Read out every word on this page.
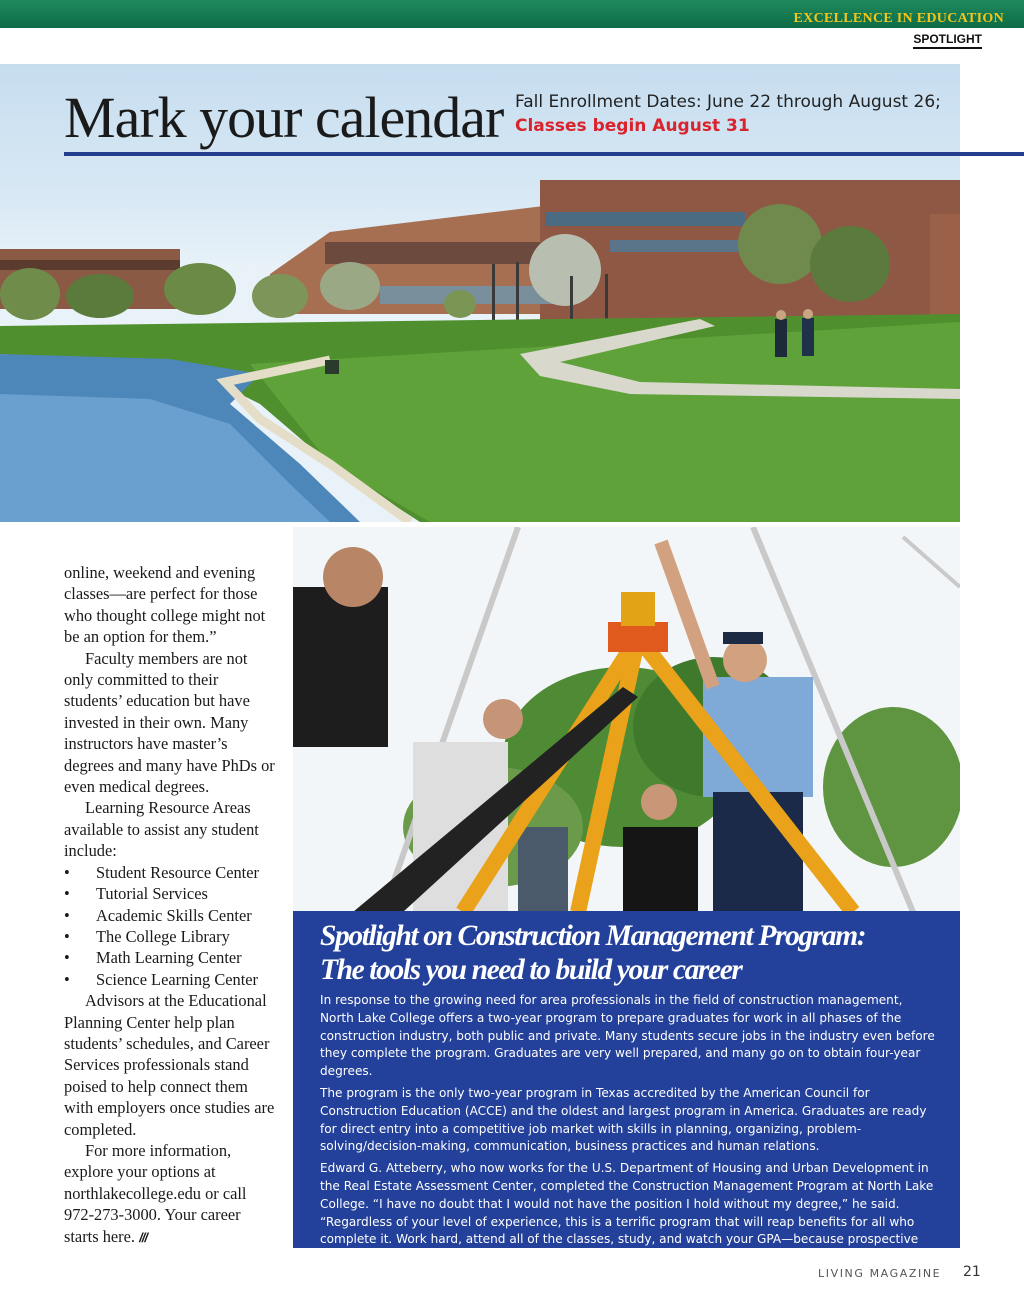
EXCELLENCE IN EDUCATION
SPOTLIGHT
Mark your calendar Fall Enrollment Dates: June 22 through August 26;
Classes begin August 31

online, weekend and evening classes—are perfect for those who thought college might not be an option for them.”

Faculty members are not only committed to their students’ education but have invested in their own. Many instructors have master’s degrees and many have PhDs or even medical degrees.

Learning Resource Areas available to assist any student include:

• Student Resource Center
• Tutorial Services
• Academic Skills Center
• The College Library
• Math Learning Center
• Science Learning Center

Advisors at the Educational Planning Center help plan students’ schedules, and Career Services professionals stand poised to help connect them with employers once studies are completed.

For more information, explore your options at northlakecollege.edu or call 972-273-3000. Your career starts here. ///

Spotlight on Construction Management Program:
The tools you need to build your career

In response to the growing need for area professionals in the field of construction management, North Lake College offers a two-year program to prepare graduates for work in all phases of the construction industry, both public and private. Many students secure jobs in the industry even before they complete the program. Graduates are very well prepared, and many go on to obtain four-year degrees.

The program is the only two-year program in Texas accredited by the American Council for Construction Education (ACCE) and the oldest and largest program in America. Graduates are ready for direct entry into a competitive job market with skills in planning, organizing, problem-solving/decision-making, communication, business practices and human relations.

Edward G. Atteberry, who now works for the U.S. Department of Housing and Urban Development in the Real Estate Assessment Center, completed the Construction Management Program at North Lake College. “I have no doubt that I would not have the position I hold without my degree,” he said. “Regardless of your level of experience, this is a terrific program that will reap benefits for all who complete it. Work hard, attend all of the classes, study, and watch your GPA—because prospective employers are.”

LIVING MAGAZINE 21
